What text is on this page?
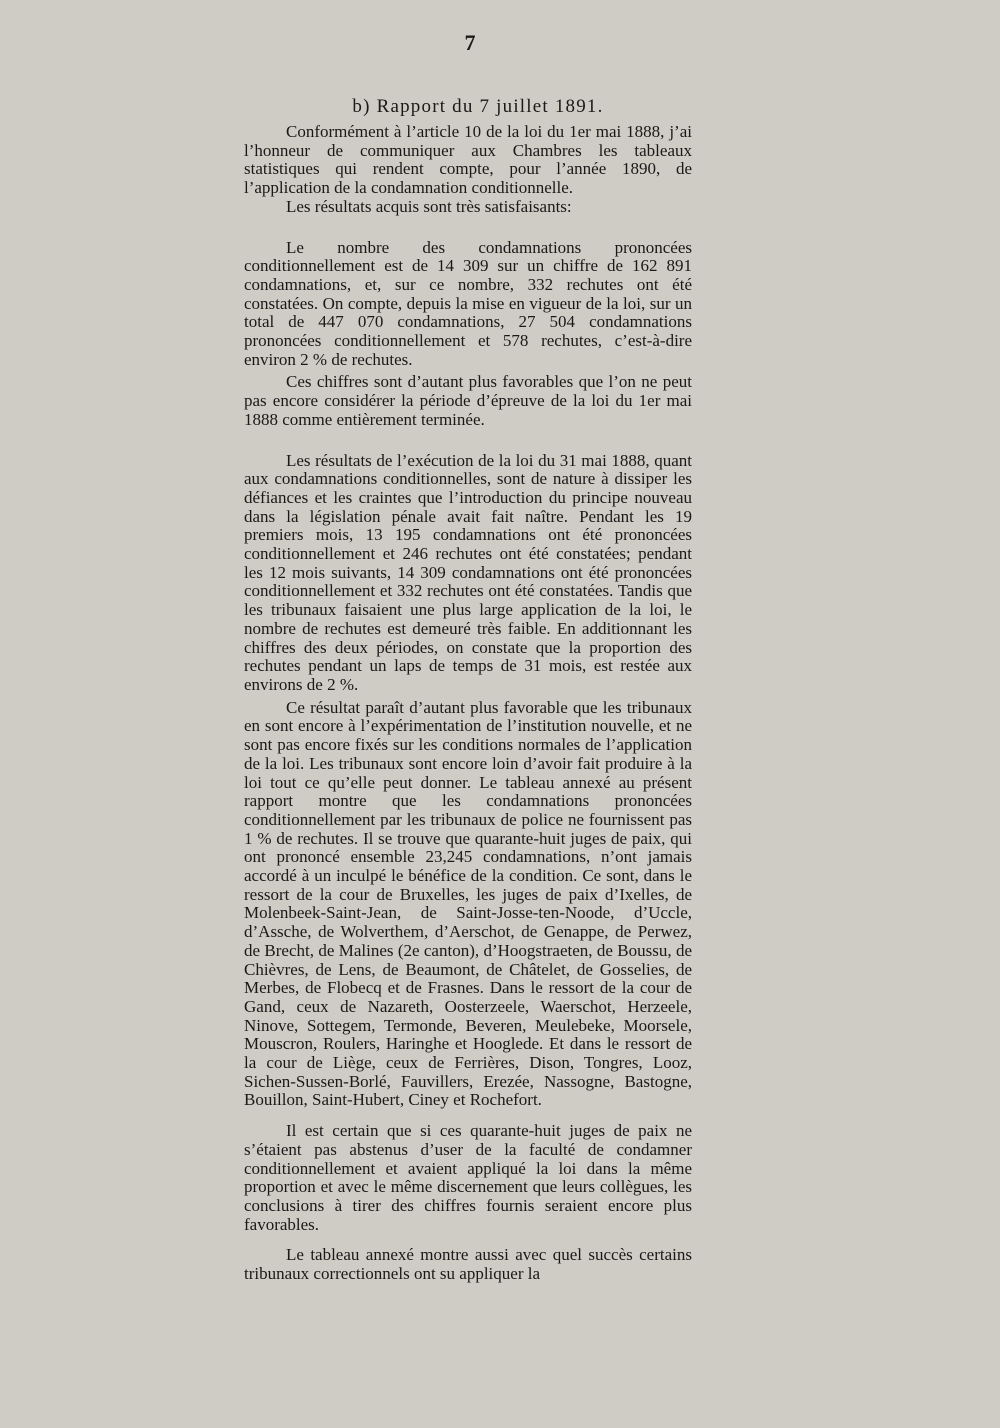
7
b) Rapport du 7 juillet 1891.

Conformément à l’article 10 de la loi du 1er mai 1888, j’ai l’honneur de communiquer aux Chambres les tableaux statistiques qui rendent compte, pour l’année 1890, de l’application de la condamnation conditionnelle.

Les résultats acquis sont très satisfaisants:

Le nombre des condamnations prononcées conditionnellement est de 14 309 sur un chiffre de 162 891 condamnations, et, sur ce nombre, 332 rechutes ont été constatées. On compte, depuis la mise en vigueur de la loi, sur un total de 447 070 condamnations, 27 504 condamnations prononcées conditionnellement et 578 rechutes, c’est-à-dire environ 2 % de rechutes.

Ces chiffres sont d’autant plus favorables que l’on ne peut pas encore considérer la période d’épreuve de la loi du 1er mai 1888 comme entièrement terminée.

Les résultats de l’exécution de la loi du 31 mai 1888, quant aux condamnations conditionnelles, sont de nature à dissiper les défiances et les craintes que l’introduction du principe nouveau dans la législation pénale avait fait naître. Pendant les 19 premiers mois, 13 195 condamnations ont été prononcées conditionnellement et 246 rechutes ont été constatées; pendant les 12 mois suivants, 14 309 condamnations ont été prononcées conditionnellement et 332 rechutes ont été constatées. Tandis que les tribunaux faisaient une plus large application de la loi, le nombre de rechutes est demeuré très faible. En additionnant les chiffres des deux périodes, on constate que la proportion des rechutes pendant un laps de temps de 31 mois, est restée aux environs de 2 %.

Ce résultat paraît d’autant plus favorable que les tribunaux en sont encore à l’expérimentation de l’institution nouvelle, et ne sont pas encore fixés sur les conditions normales de l’application de la loi. Les tribunaux sont encore loin d’avoir fait produire à la loi tout ce qu’elle peut donner. Le tableau annexé au présent rapport montre que les condamnations prononcées conditionnellement par les tribunaux de police ne fournissent pas 1 % de rechutes. Il se trouve que quarante-huit juges de paix, qui ont prononcé ensemble 23,245 condamnations, n’ont jamais accordé à un inculpé le bénéfice de la condition. Ce sont, dans le ressort de la cour de Bruxelles, les juges de paix d’Ixelles, de Molenbeek-Saint-Jean, de Saint-Josse-ten-Noode, d’Uccle, d’Assche, de Wolverthem, d’Aerschot, de Genappe, de Perwez, de Brecht, de Malines (2e canton), d’Hoogstraeten, de Boussu, de Chièvres, de Lens, de Beaumont, de Châtelet, de Gosselies, de Merbes, de Flobecq et de Frasnes. Dans le ressort de la cour de Gand, ceux de Nazareth, Oosterzeele, Waerschot, Herzeele, Ninove, Sottegem, Termonde, Beveren, Meulebeke, Moorsele, Mouscron, Roulers, Haringhe et Hooglede. Et dans le ressort de la cour de Liège, ceux de Ferrières, Dison, Tongres, Looz, Sichen-Sussen-Borlé, Fauvillers, Erezée, Nassogne, Bastogne, Bouillon, Saint-Hubert, Ciney et Rochefort.

Il est certain que si ces quarante-huit juges de paix ne s’étaient pas abstenus d’user de la faculté de condamner conditionnellement et avaient appliqué la loi dans la même proportion et avec le même discernement que leurs collègues, les conclusions à tirer des chiffres fournis seraient encore plus favorables.

Le tableau annexé montre aussi avec quel succès certains tribunaux correctionnels ont su appliquer la
